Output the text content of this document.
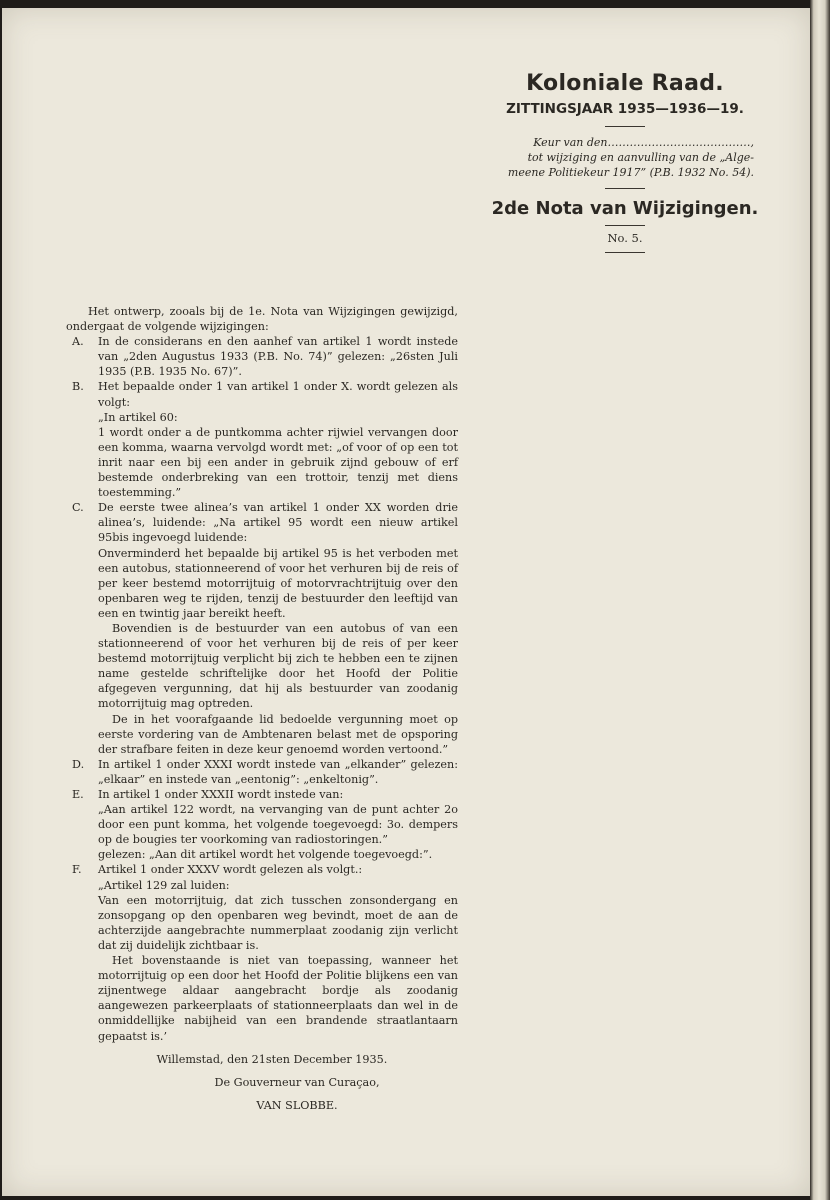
Koloniale Raad.
ZITTINGSJAAR 1935—1936—19.
Keur van den…………………………………,
tot wijziging en aanvulling van de „Alge-
meene Politiekeur 1917” (P.B. 1932 No. 54).
2de Nota van Wijzigingen.
No. 5.

Het ontwerp, zooals bij de 1e. Nota van Wijzigingen gewijzigd, ondergaat de volgende wijzigingen:

A. In de considerans en den aanhef van artikel 1 wordt instede van „2den Augustus 1933 (P.B. No. 74)” gelezen: „26sten Juli 1935 (P.B. 1935 No. 67)”.

B. Het bepaalde onder 1 van artikel 1 onder X. wordt gelezen als volgt:

„In artikel 60:

1 wordt onder a de puntkomma achter rijwiel vervangen door een komma, waarna vervolgd wordt met: „of voor of op een tot inrit naar een bij een ander in gebruik zijnd gebouw of erf bestemde onderbreking van een trottoir, tenzij met diens toestemming.”

C. De eerste twee alinea’s van artikel 1 onder XX worden drie alinea’s, luidende: „Na artikel 95 wordt een nieuw artikel 95bis ingevoegd luidende:

Onverminderd het bepaalde bij artikel 95 is het verboden met een autobus, stationneerend of voor het verhuren bij de reis of per keer bestemd motorrijtuig of motorvrachtrijtuig over den openbaren weg te rijden, tenzij de bestuurder den leeftijd van een en twintig jaar bereikt heeft.

Bovendien is de bestuurder van een autobus of van een stationneerend of voor het verhuren bij de reis of per keer bestemd motorrijtuig verplicht bij zich te hebben een te zijnen name gestelde schriftelijke door het Hoofd der Politie afgegeven vergunning, dat hij als bestuurder van zoodanig motorrijtuig mag optreden.

De in het voorafgaande lid bedoelde vergunning moet op eerste vordering van de Ambtenaren belast met de opsporing der strafbare feiten in deze keur genoemd worden vertoond.”

D. In artikel 1 onder XXXI wordt instede van „elkander” gelezen: „elkaar” en instede van „eentonig”: „enkeltonig”.

E. In artikel 1 onder XXXII wordt instede van:

„Aan artikel 122 wordt, na vervanging van de punt achter 2o door een punt komma, het volgende toegevoegd: 3o. dempers op de bougies ter voorkoming van radiostoringen.”

gelezen: „Aan dit artikel wordt het volgende toegevoegd:”.

F. Artikel 1 onder XXXV wordt gelezen als volgt.:

„Artikel 129 zal luiden:

Van een motorrijtuig, dat zich tusschen zonsondergang en zonsopgang op den openbaren weg bevindt, moet de aan de achterzijde aangebrachte nummerplaat zoodanig zijn verlicht dat zij duidelijk zichtbaar is.

Het bovenstaande is niet van toepassing, wanneer het motorrijtuig op een door het Hoofd der Politie blijkens een van zijnentwege aldaar aangebracht bordje als zoodanig aangewezen parkeerplaats of stationneerplaats dan wel in de onmiddellijke nabijheid van een brandende straatlantaarn gepaatst is.’

Willemstad, den 21sten December 1935.
De Gouverneur van Curaçao,
VAN SLOBBE.
